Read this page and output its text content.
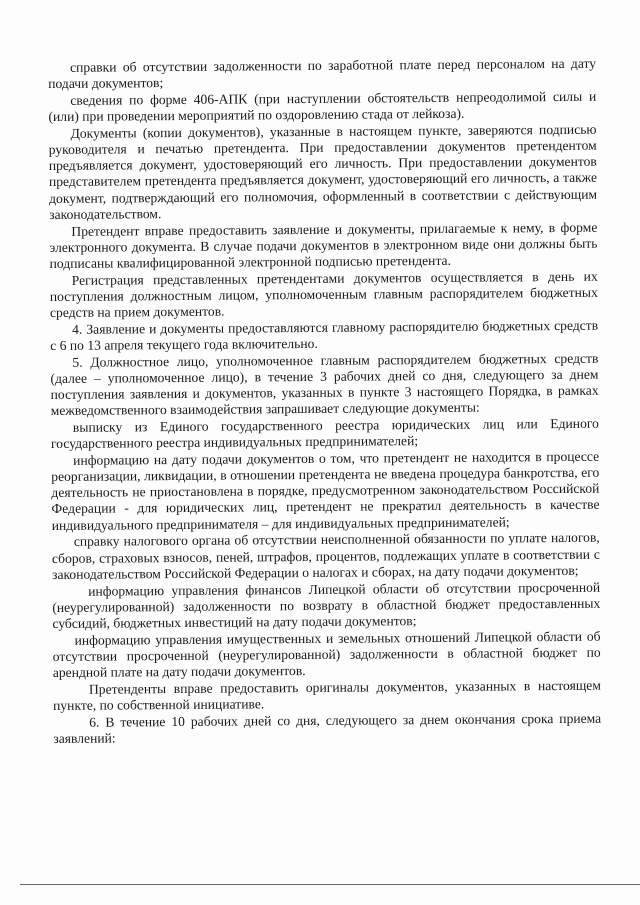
справки об отсутствии задолженности по заработной плате перед персоналом на дату подачи документов;

сведения по форме 406-АПК (при наступлении обстоятельств непреодолимой силы и (или) при проведении мероприятий по оздоровлению стада от лейкоза).

Документы (копии документов), указанные в настоящем пункте, заверяются подписью руководителя и печатью претендента. При предоставлении документов претендентом предъявляется документ, удостоверяющий его личность. При предоставлении документов представителем претендента предъявляется документ, удостоверяющий его личность, а также документ, подтверждающий его полномочия, оформленный в соответствии с действующим законодательством.

Претендент вправе предоставить заявление и документы, прилагаемые к нему, в форме электронного документа. В случае подачи документов в электронном виде они должны быть подписаны квалифицированной электронной подписью претендента.

Регистрация представленных претендентами документов осуществляется в день их поступления должностным лицом, уполномоченным главным распорядителем бюджетных средств на прием документов.

4. Заявление и документы предоставляются главному распорядителю бюджетных средств с 6 по 13 апреля текущего года включительно.

5. Должностное лицо, уполномоченное главным распорядителем бюджетных средств (далее – уполномоченное лицо), в течение 3 рабочих дней со дня, следующего за днем поступления заявления и документов, указанных в пункте 3 настоящего Порядка, в рамках межведомственного взаимодействия запрашивает следующие документы:

выписку из Единого государственного реестра юридических лиц или Единого государственного реестра индивидуальных предпринимателей;

информацию на дату подачи документов о том, что претендент не находится в процессе реорганизации, ликвидации, в отношении претендента не введена процедура банкротства, его деятельность не приостановлена в порядке, предусмотренном законодательством Российской Федерации - для юридических лиц, претендент не прекратил деятельность в качестве индивидуального предпринимателя – для индивидуальных предпринимателей;

справку налогового органа об отсутствии неисполненной обязанности по уплате налогов, сборов, страховых взносов, пеней, штрафов, процентов, подлежащих уплате в соответствии с законодательством Российской Федерации о налогах и сборах, на дату подачи документов;

информацию управления финансов Липецкой области об отсутствии просроченной (неурегулированной) задолженности по возврату в областной бюджет предоставленных субсидий, бюджетных инвестиций на дату подачи документов;

информацию управления имущественных и земельных отношений Липецкой области об отсутствии просроченной (неурегулированной) задолженности в областной бюджет по арендной плате на дату подачи документов.

Претенденты вправе предоставить оригиналы документов, указанных в настоящем пункте, по собственной инициативе.

6. В течение 10 рабочих дней со дня, следующего за днем окончания срока приема заявлений:
